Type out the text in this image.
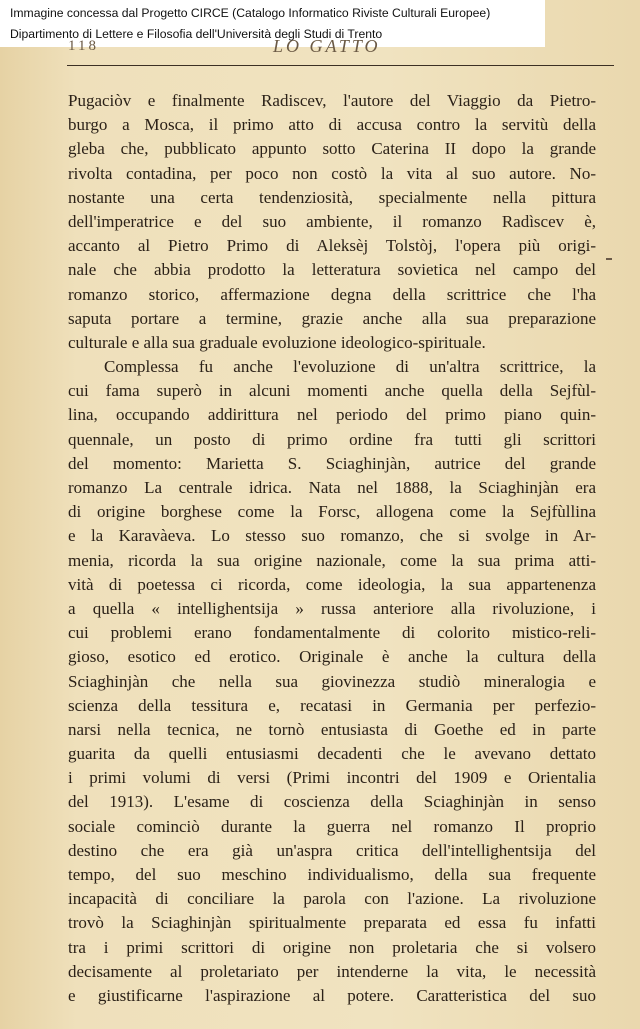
Immagine concessa dal Progetto CIRCE (Catalogo Informatico Riviste Culturali Europee)
Dipartimento di Lettere e Filosofia dell'Università degli Studi di Trento
118	LO GATTO
Pugaciòv e finalmente Radiscev, l'autore del Viaggio da Pietro-
burgo a Mosca, il primo atto di accusa contro la servitù della
gleba che, pubblicato appunto sotto Caterina II dopo la grande
rivolta contadina, per poco non costò la vita al suo autore. No-
nostante una certa tendenziosità, specialmente nella pittura
dell'imperatrice e del suo ambiente, il romanzo Radìscev è,
accanto al Pietro Primo di Aleksèj Tolstòj, l'opera più origi-
nale che abbia prodotto la letteratura sovietica nel campo del
romanzo storico, affermazione degna della scrittrice che l'ha
saputa portare a termine, grazie anche alla sua preparazione
culturale e alla sua graduale evoluzione ideologico-spirituale.
Complessa fu anche l'evoluzione di un'altra scrittrice, la
cui fama superò in alcuni momenti anche quella della Sejfùl-
lina, occupando addirittura nel periodo del primo piano quin-
quennale, un posto di primo ordine fra tutti gli scrittori
del momento: Marietta S. Sciaghinjàn, autrice del grande
romanzo La centrale idrica. Nata nel 1888, la Sciaghinjàn era
di origine borghese come la Forsc, allogena come la Sejfùllina
e la Karavàeva. Lo stesso suo romanzo, che si svolge in Ar-
menia, ricorda la sua origine nazionale, come la sua prima atti-
vità di poetessa ci ricorda, come ideologia, la sua appartenenza
a quella « intellighentsija » russa anteriore alla rivoluzione, i
cui problemi erano fondamentalmente di colorito mistico-reli-
gioso, esotico ed erotico. Originale è anche la cultura della
Sciaghinjàn che nella sua giovinezza studiò mineralogia e
scienza della tessitura e, recatasi in Germania per perfezio-
narsi nella tecnica, ne tornò entusiasta di Goethe ed in parte
guarita da quelli entusiasmi decadenti che le avevano dettato
i primi volumi di versi (Primi incontri del 1909 e Orientalia
del 1913). L'esame di coscienza della Sciaghinjàn in senso
sociale cominciò durante la guerra nel romanzo Il proprio
destino che era già un'aspra critica dell'intellighentsija del
tempo, del suo meschino individualismo, della sua frequente
incapacità di conciliare la parola con l'azione. La rivoluzione
trovò la Sciaghinjàn spiritualmente preparata ed essa fu infatti
tra i primi scrittori di origine non proletaria che si volsero
decisamente al proletariato per intenderne la vita, le necessità
e giustificarne l'aspirazione al potere. Caratteristica del suo
